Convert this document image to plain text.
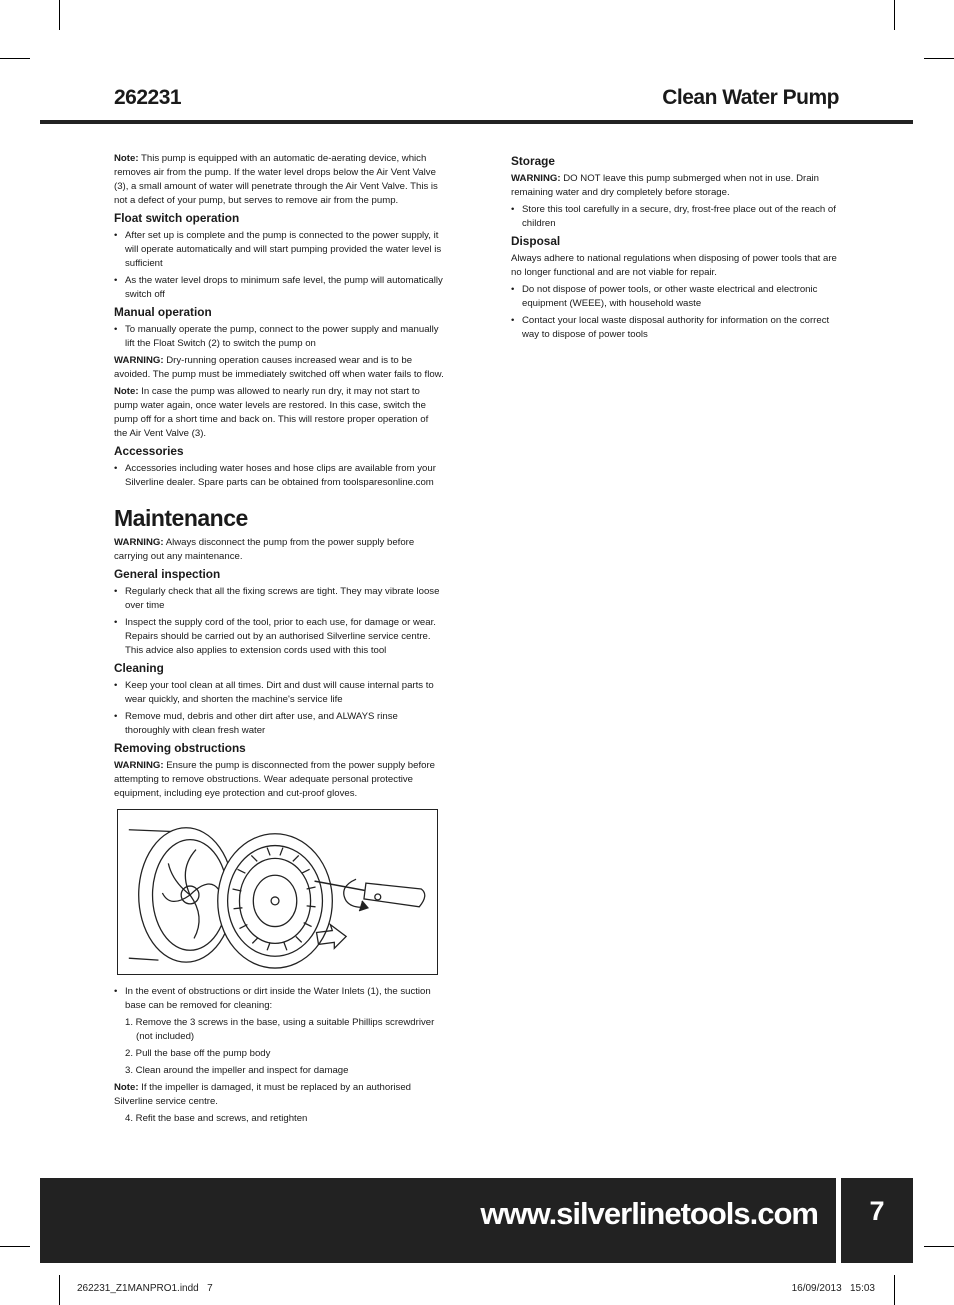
262231	Clean Water Pump

Note: This pump is equipped with an automatic de-aerating device, which removes air from the pump. If the water level drops below the Air Vent Valve (3), a small amount of water will penetrate through the Air Vent Valve. This is not a defect of your pump, but serves to remove air from the pump.

Float switch operation
• After set up is complete and the pump is connected to the power supply, it will operate automatically and will start pumping provided the water level is sufficient
• As the water level drops to minimum safe level, the pump will automatically switch off
Manual operation
• To manually operate the pump, connect to the power supply and manually lift the Float Switch (2) to switch the pump on

WARNING: Dry-running operation causes increased wear and is to be avoided. The pump must be immediately switched off when water fails to flow.

Note: In case the pump was allowed to nearly run dry, it may not start to pump water again, once water levels are restored. In this case, switch the pump off for a short time and back on. This will restore proper operation of the Air Vent Valve (3).

Accessories
• Accessories including water hoses and hose clips are available from your Silverline dealer. Spare parts can be obtained from toolsparesonline.com
Maintenance

WARNING: Always disconnect the pump from the power supply before carrying out any maintenance.

General inspection
• Regularly check that all the fixing screws are tight. They may vibrate loose over time
• Inspect the supply cord of the tool, prior to each use, for damage or wear. Repairs should be carried out by an authorised Silverline service centre. This advice also applies to extension cords used with this tool
Cleaning
• Keep your tool clean at all times. Dirt and dust will cause internal parts to wear quickly, and shorten the machine's service life
• Remove mud, debris and other dirt after use, and ALWAYS rinse thoroughly with clean fresh water
Removing obstructions

WARNING: Ensure the pump is disconnected from the power supply before attempting to remove obstructions. Wear adequate personal protective equipment, including eye protection and cut-proof gloves.

• In the event of obstructions or dirt inside the Water Inlets (1), the suction base can be removed for cleaning:
1. Remove the 3 screws in the base, using a suitable Phillips screwdriver (not included)
2. Pull the base off the pump body
3. Clean around the impeller and inspect for damage

Note: If the impeller is damaged, it must be replaced by an authorised Silverline service centre.

4. Refit the base and screws, and retighten
Storage

WARNING: DO NOT leave this pump submerged when not in use. Drain remaining water and dry completely before storage.

• Store this tool carefully in a secure, dry, frost-free place out of the reach of children
Disposal

Always adhere to national regulations when disposing of power tools that are no longer functional and are not viable for repair.

• Do not dispose of power tools, or other waste electrical and electronic equipment (WEEE), with household waste
• Contact your local waste disposal authority for information on the correct way to dispose of power tools
www.silverlinetools.com	7
262231_Z1MANPRO1.indd   7	16/09/2013   15:03
